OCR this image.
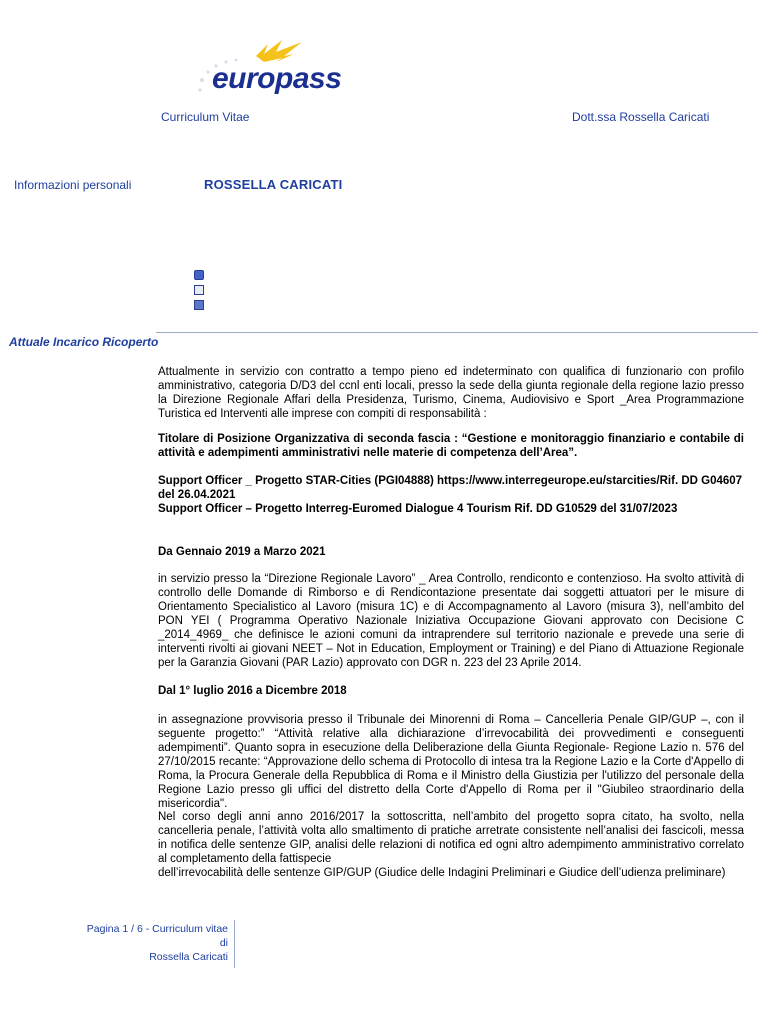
europass
Curriculum Vitae	Dott.ssa Rossella Caricati
Informazioni personali	ROSSELLA CARICATI
Attuale Incarico Ricoperto
Attualmente in servizio con contratto a tempo pieno ed indeterminato con qualifica di funzionario con profilo amministrativo, categoria D/D3 del ccnl enti locali, presso la sede della giunta regionale della regione lazio presso la Direzione Regionale Affari della Presidenza, Turismo, Cinema, Audiovisivo e Sport _Area Programmazione Turistica ed Interventi alle imprese con compiti di responsabilità :
Titolare di Posizione Organizzativa di seconda fascia : “Gestione e monitoraggio finanziario e contabile di attività e adempimenti amministrativi nelle materie di competenza dell’Area”.
Support Officer _ Progetto STAR-Cities (PGI04888) https://www.interregeurope.eu/starcities/Rif. DD G04607 del 26.04.2021
Support Officer – Progetto Interreg-Euromed Dialogue 4 Tourism Rif. DD G10529 del 31/07/2023
Da Gennaio 2019 a Marzo 2021
in servizio presso la “Direzione Regionale Lavoro” _ Area Controllo, rendiconto e contenzioso. Ha svolto attività di controllo delle Domande di Rimborso e di Rendicontazione presentate dai soggetti attuatori per le misure di Orientamento Specialistico al Lavoro (misura 1C) e di Accompagnamento al Lavoro (misura 3), nell’ambito del PON YEI ( Programma Operativo Nazionale Iniziativa Occupazione Giovani approvato con Decisione C _2014_4969_ che definisce le azioni comuni da intraprendere sul territorio nazionale e prevede una serie di interventi rivolti ai giovani NEET – Not in Education, Employment or Training) e del Piano di Attuazione Regionale per la Garanzia Giovani (PAR Lazio) approvato con DGR n. 223 del 23 Aprile 2014.
Dal 1° luglio 2016 a Dicembre 2018
in assegnazione provvisoria presso il Tribunale dei Minorenni di Roma – Cancelleria Penale GIP/GUP –, con il seguente progetto:” “Attività relative alla dichiarazione d’irrevocabilità dei provvedimenti e conseguenti adempimenti”. Quanto sopra in esecuzione della Deliberazione della Giunta Regionale- Regione Lazio n. 576 del 27/10/2015 recante: “Approvazione dello schema di Protocollo di intesa tra la Regione Lazio e la Corte d'Appello di Roma, la Procura Generale della Repubblica di Roma e il Ministro della Giustizia per l'utilizzo del personale della Regione Lazio presso gli uffici del distretto della Corte d'Appello di Roma per il "Giubileo straordinario della misericordia".
Nel corso degli anni anno 2016/2017 la sottoscritta, nell’ambito del progetto sopra citato, ha svolto, nella cancelleria penale, l’attività volta allo smaltimento di pratiche arretrate consistente nell’analisi dei fascicoli, messa in notifica delle sentenze GIP, analisi delle relazioni di notifica ed ogni altro adempimento amministrativo correlato al completamento della fattispecie
dell’irrevocabilità delle sentenze GIP/GUP (Giudice delle Indagini Preliminari e Giudice dell’udienza preliminare)
Pagina 1 / 6 - Curriculum vitae di
Rossella Caricati
